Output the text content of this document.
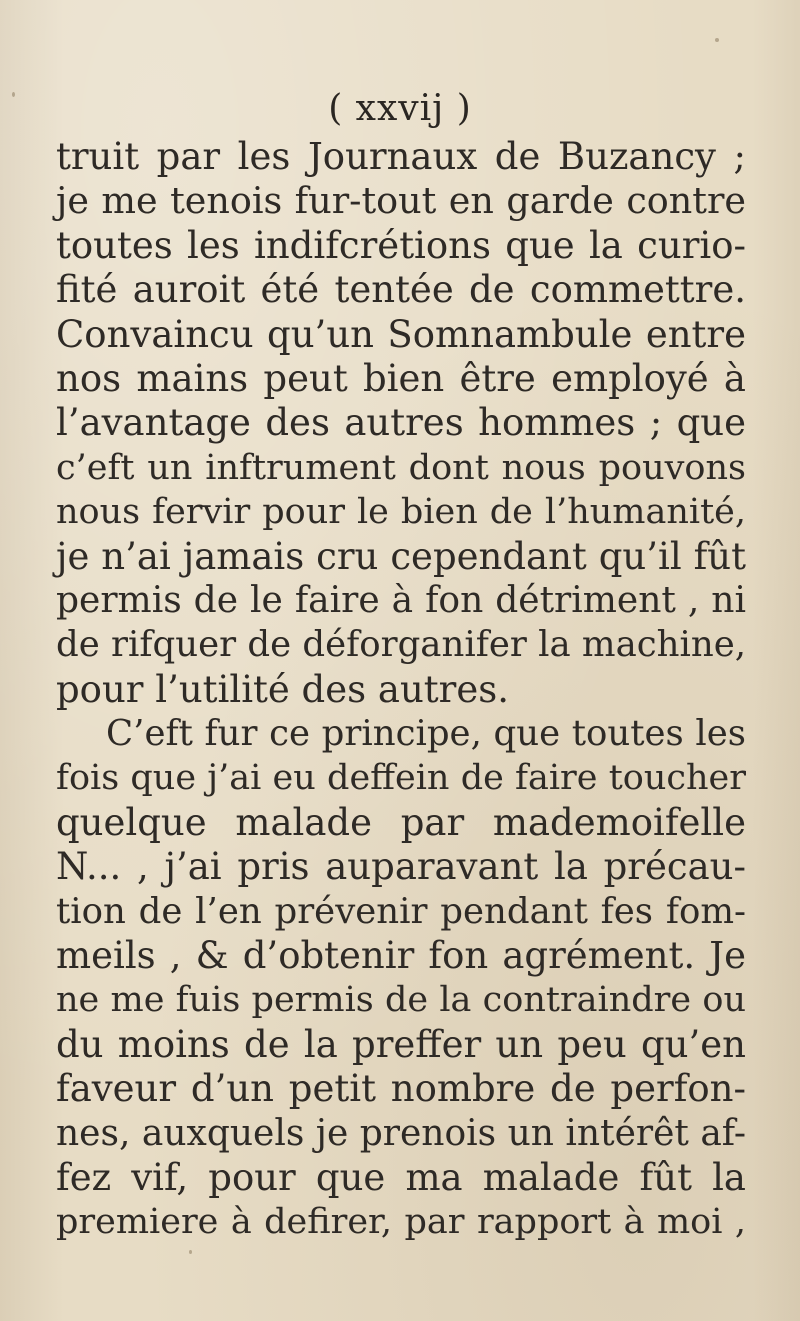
( xxvij )
truit par les Journaux de Buzancy ;
je me tenois fur-tout en garde contre
toutes les indifcrétions que la curio-
fité auroit été tentée de commettre.
Convaincu qu’un Somnambule entre
nos mains peut bien être employé à
l’avantage des autres hommes ; que
c’eft un inftrument dont nous pouvons
nous fervir pour le bien de l’humanité,
je n’ai jamais cru cependant qu’il fût
permis de le faire à fon détriment , ni
de rifquer de déforganifer la machine,
pour l’utilité des autres.
C’eft fur ce principe, que toutes les
fois que j’ai eu deffein de faire toucher
quelque malade par mademoifelle
N... , j’ai pris auparavant la précau-
tion de l’en prévenir pendant fes fom-
meils , & d’obtenir fon agrément. Je
ne me fuis permis de la contraindre ou
du moins de la preffer un peu qu’en
faveur d’un petit nombre de perfon-
nes, auxquels je prenois un intérêt af-
fez vif, pour que ma malade fût la
premiere à defirer, par rapport à moi ,
